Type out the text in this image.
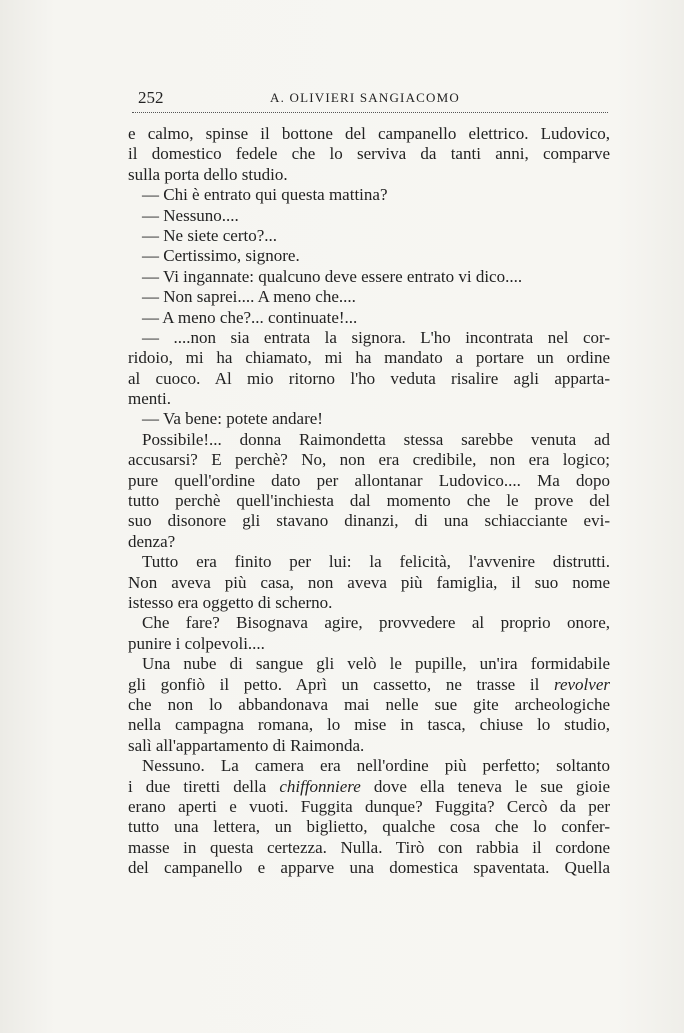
252	A. OLIVIERI SANGIACOMO
e calmo, spinse il bottone del campanello elettrico. Ludovico,
il domestico fedele che lo serviva da tanti anni, comparve
sulla porta dello studio.
— Chi è entrato qui questa mattina?
— Nessuno....
— Ne siete certo?...
— Certissimo, signore.
— Vi ingannate: qualcuno deve essere entrato vi dico....
— Non saprei.... A meno che....
— A meno che?... continuate!...
— ....non sia entrata la signora. L'ho incontrata nel cor-
ridoio, mi ha chiamato, mi ha mandato a portare un ordine
al cuoco. Al mio ritorno l'ho veduta risalire agli apparta-
menti.
— Va bene: potete andare!
Possibile!... donna Raimondetta stessa sarebbe venuta ad
accusarsi? E perchè? No, non era credibile, non era logico;
pure quell'ordine dato per allontanar Ludovico.... Ma dopo
tutto perchè quell'inchiesta dal momento che le prove del
suo disonore gli stavano dinanzi, di una schiacciante evi-
denza?
Tutto era finito per lui: la felicità, l'avvenire distrutti.
Non aveva più casa, non aveva più famiglia, il suo nome
istesso era oggetto di scherno.
Che fare? Bisognava agire, provvedere al proprio onore,
punire i colpevoli....
Una nube di sangue gli velò le pupille, un'ira formidabile
gli gonfiò il petto. Aprì un cassetto, ne trasse il revolver
che non lo abbandonava mai nelle sue gite archeologiche
nella campagna romana, lo mise in tasca, chiuse lo studio,
salì all'appartamento di Raimonda.
Nessuno. La camera era nell'ordine più perfetto; soltanto
i due tiretti della chiffonniere dove ella teneva le sue gioie
erano aperti e vuoti. Fuggita dunque? Fuggita? Cercò da per
tutto una lettera, un biglietto, qualche cosa che lo confer-
masse in questa certezza. Nulla. Tirò con rabbia il cordone
del campanello e apparve una domestica spaventata. Quella
